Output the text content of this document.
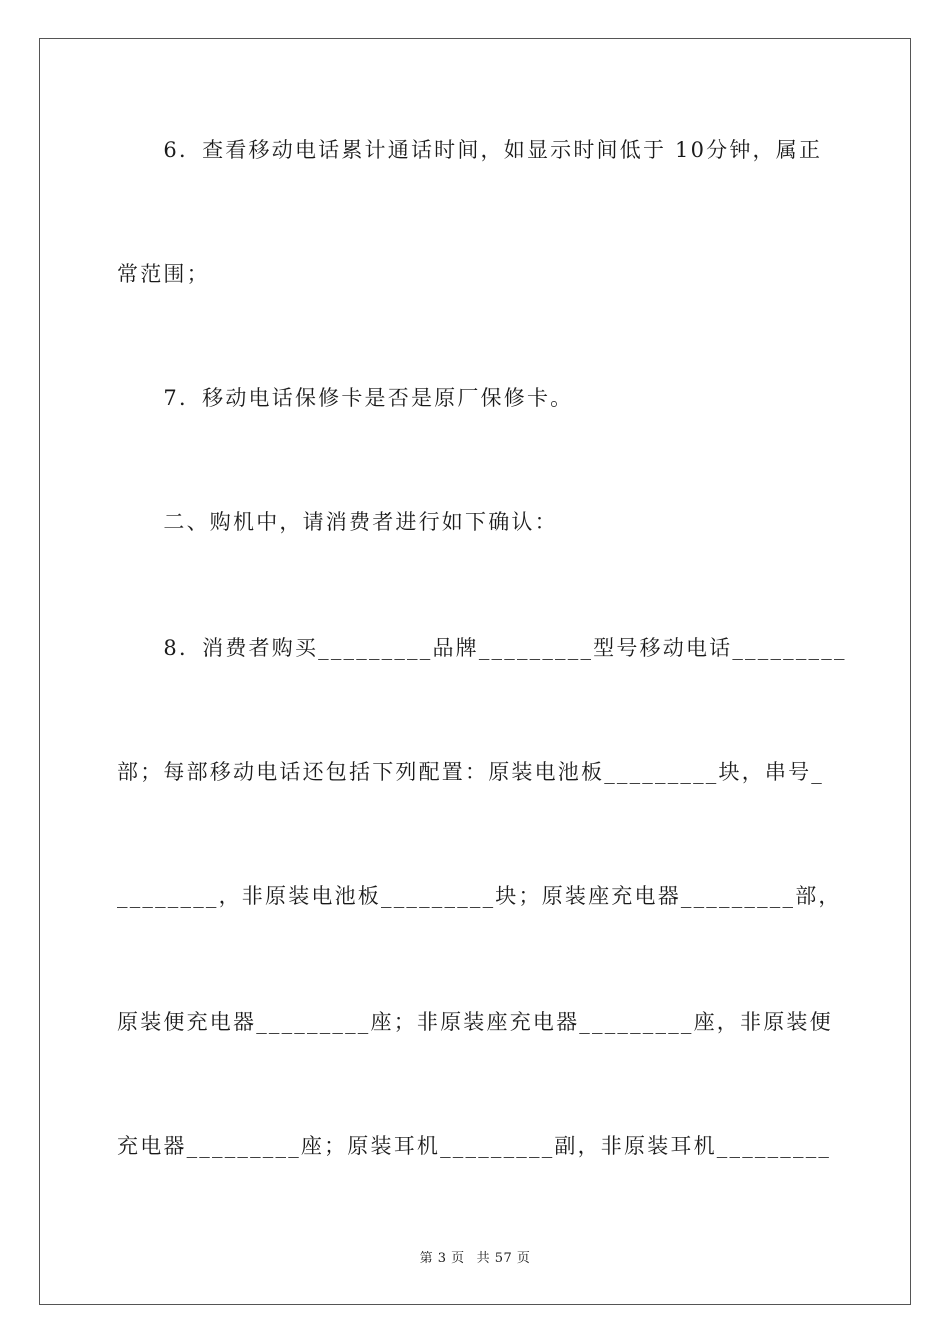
　　6．查看移动电话累计通话时间，如显示时间低于 10分钟，属正
常范围；
　　7．移动电话保修卡是否是原厂保修卡。
　　二、购机中，请消费者进行如下确认：
　　8．消费者购买_________品牌_________型号移动电话_________
部；每部移动电话还包括下列配置：原装电池板_________块，串号_
________，非原装电池板_________块；原装座充电器_________部，
原装便充电器_________座；非原装座充电器_________座，非原装便
充电器_________座；原装耳机_________副，非原装耳机_________
第 3 页 共 57 页
